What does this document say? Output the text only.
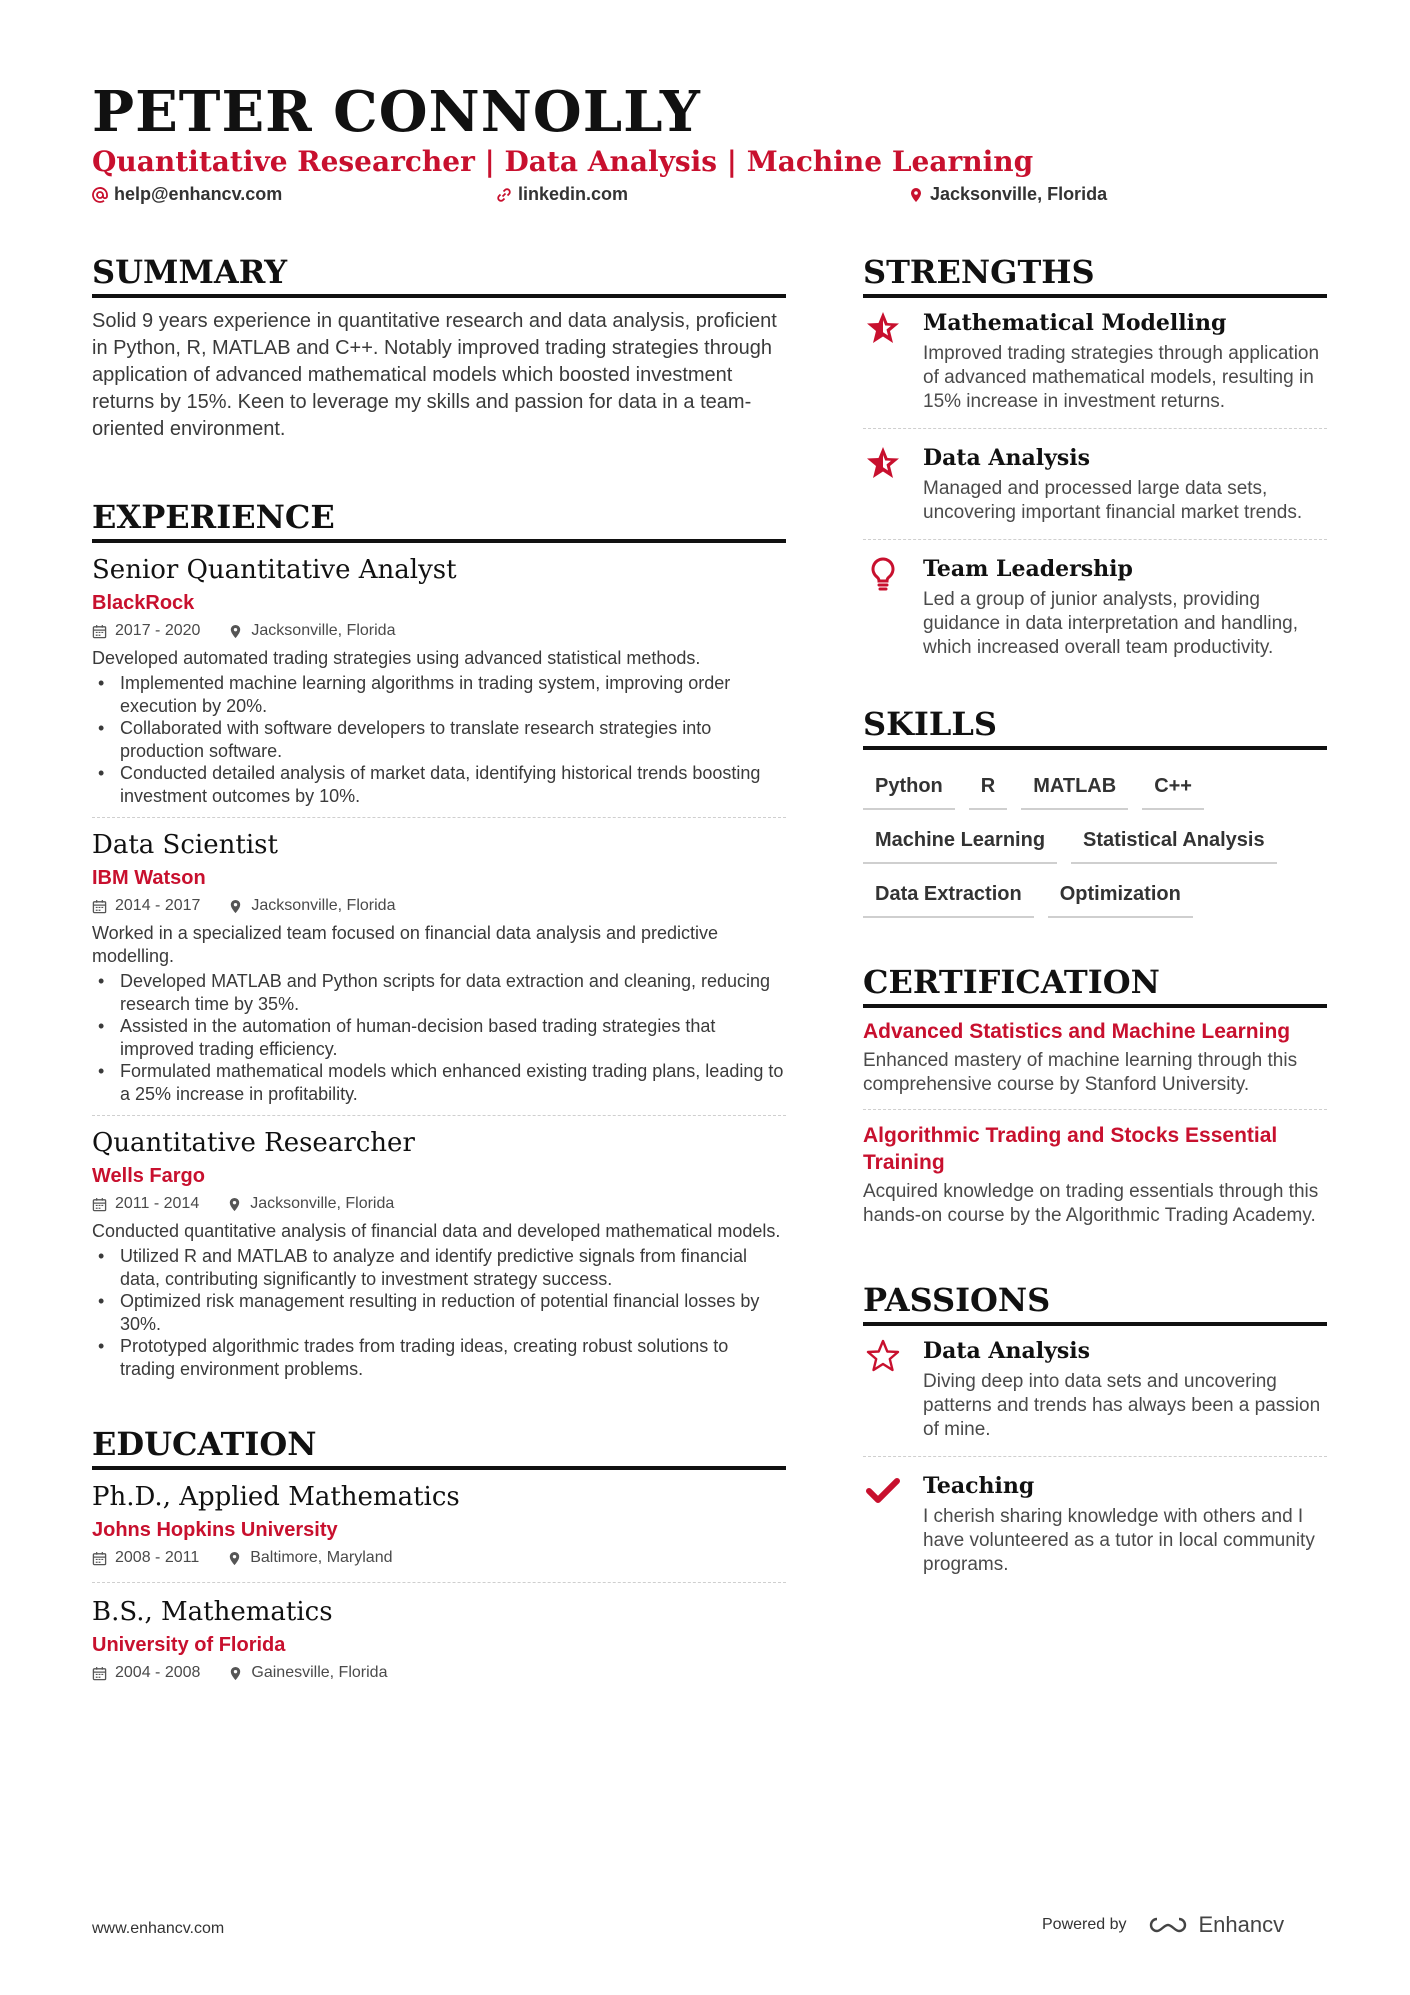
PETER CONNOLLY
Quantitative Researcher | Data Analysis | Machine Learning
help@enhancv.com	linkedin.com	Jacksonville, Florida
SUMMARY

Solid 9 years experience in quantitative research and data analysis, proficient in Python, R, MATLAB and C++. Notably improved trading strategies through application of advanced mathematical models which boosted investment returns by 15%. Keen to leverage my skills and passion for data in a team-oriented environment.

EXPERIENCE
Senior Quantitative Analyst
BlackRock
2017 - 2020	Jacksonville, Florida

Developed automated trading strategies using advanced statistical methods.

• Implemented machine learning algorithms in trading system, improving order execution by 20%.
• Collaborated with software developers to translate research strategies into production software.
• Conducted detailed analysis of market data, identifying historical trends boosting investment outcomes by 10%.
Data Scientist
IBM Watson
2014 - 2017	Jacksonville, Florida

Worked in a specialized team focused on financial data analysis and predictive modelling.

• Developed MATLAB and Python scripts for data extraction and cleaning, reducing research time by 35%.
• Assisted in the automation of human-decision based trading strategies that improved trading efficiency.
• Formulated mathematical models which enhanced existing trading plans, leading to a 25% increase in profitability.
Quantitative Researcher
Wells Fargo
2011 - 2014	Jacksonville, Florida

Conducted quantitative analysis of financial data and developed mathematical models.

• Utilized R and MATLAB to analyze and identify predictive signals from financial data, contributing significantly to investment strategy success.
• Optimized risk management resulting in reduction of potential financial losses by 30%.
• Prototyped algorithmic trades from trading ideas, creating robust solutions to trading environment problems.
EDUCATION
Ph.D., Applied Mathematics
Johns Hopkins University
2008 - 2011	Baltimore, Maryland
B.S., Mathematics
University of Florida
2004 - 2008	Gainesville, Florida
STRENGTHS
Mathematical Modelling
Improved trading strategies through application of advanced mathematical models, resulting in 15% increase in investment returns.
Data Analysis
Managed and processed large data sets, uncovering important financial market trends.
Team Leadership
Led a group of junior analysts, providing guidance in data interpretation and handling, which increased overall team productivity.
SKILLS
Python	R	MATLAB	C++
Machine Learning	Statistical Analysis
Data Extraction	Optimization
CERTIFICATION
Advanced Statistics and Machine Learning
Enhanced mastery of machine learning through this comprehensive course by Stanford University.
Algorithmic Trading and Stocks Essential Training
Acquired knowledge on trading essentials through this hands-on course by the Algorithmic Trading Academy.
PASSIONS
Data Analysis
Diving deep into data sets and uncovering patterns and trends has always been a passion of mine.
Teaching
I cherish sharing knowledge with others and I have volunteered as a tutor in local community programs.
www.enhancv.com	Powered by	Enhancv
